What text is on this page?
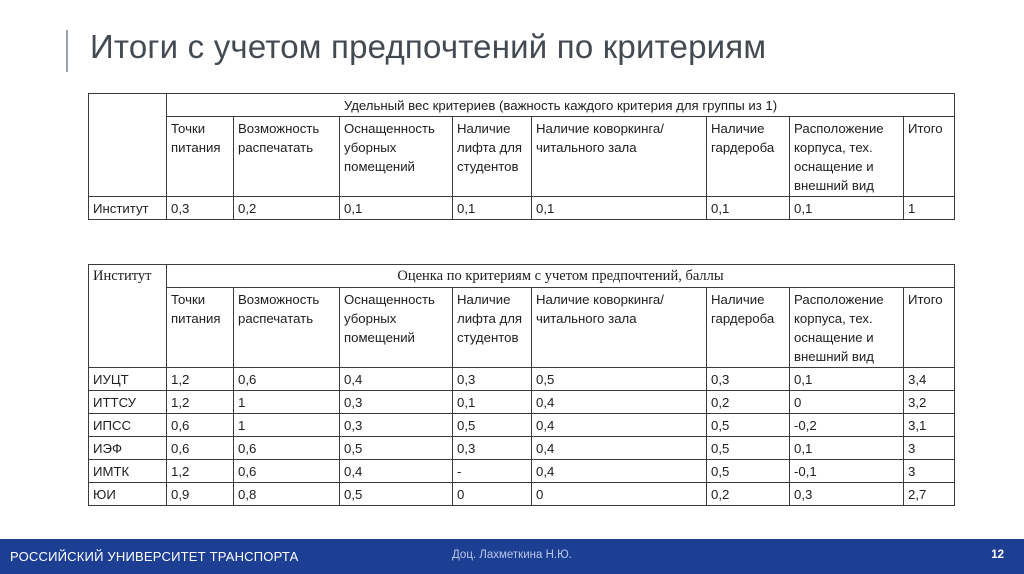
Итоги с учетом предпочтений по критериям
	Удельный вес критериев (важность каждого критерия для группы из 1)							
	Точки питания	Возможность распечатать	Оснащенность уборных помещений	Наличие лифта для студентов	Наличие коворкинга/читального зала	Наличие гардероба	Расположение корпуса, тех. оснащение и внешний вид	Итого
Институт	0,3	0,2	0,1	0,1	0,1	0,1	0,1	1
Институт	Оценка по критериям с учетом предпочтений, баллы							
	Точки питания	Возможность распечатать	Оснащенность уборных помещений	Наличие лифта для студентов	Наличие коворкинга/читального зала	Наличие гардероба	Расположение корпуса, тех. оснащение и внешний вид	Итого
ИУЦТ	1,2	0,6	0,4	0,3	0,5	0,3	0,1	3,4
ИТТСУ	1,2	1	0,3	0,1	0,4	0,2	0	3,2
ИПСС	0,6	1	0,3	0,5	0,4	0,5	-0,2	3,1
ИЭФ	0,6	0,6	0,5	0,3	0,4	0,5	0,1	3
ИМТК	1,2	0,6	0,4	-	0,4	0,5	-0,1	3
ЮИ	0,9	0,8	0,5	0	0	0,2	0,3	2,7
РОССИЙСКИЙ УНИВЕРСИТЕТ ТРАНСПОРТА	Доц. Лахметкина Н.Ю.	12
